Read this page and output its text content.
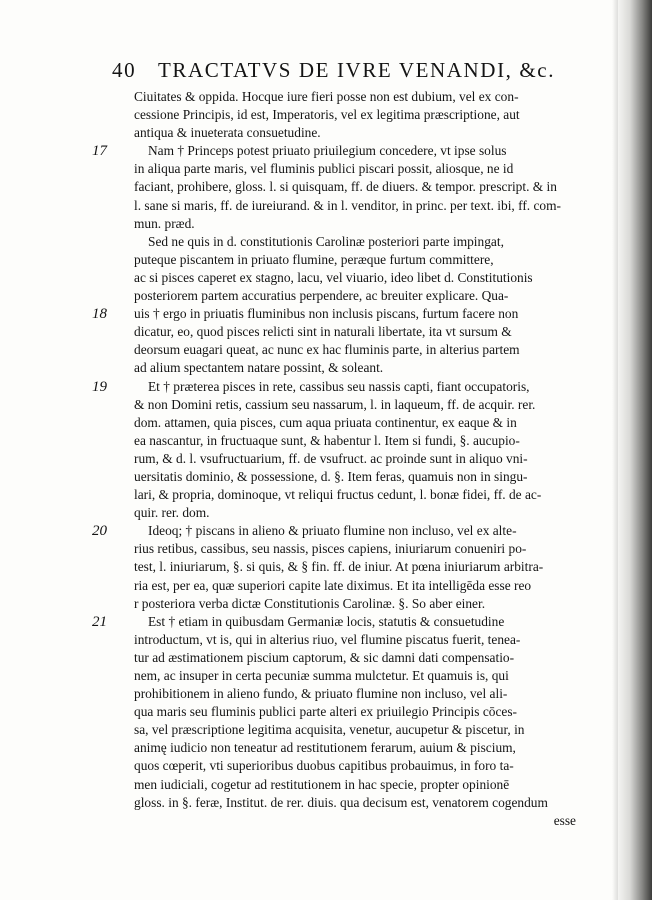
40 TRACTATVS DE IVRE VENANDI, &c.
Ciuitates & oppida. Hocque iure fieri posse non est dubium, vel ex con-
cessione Principis, id est, Imperatoris, vel ex legitima præscriptione, aut
antiqua & inueterata consuetudine.
Nam † Princeps potest priuato priuilegium concedere, vt ipse solus
in aliqua parte maris, vel fluminis publici piscari possit, aliosque, ne id
faciant, prohibere, gloss. l. si quisquam, ff. de diuers. & tempor. prescript. & in
l. sane si maris, ff. de iureiurand. & in l. venditor, in princ. per text. ibi, ff. com-
mun. præd.
Sed ne quis in d. constitutionis Carolinæ posteriori parte impingat,
puteque piscantem in priuato flumine, peræque furtum committere,
ac si pisces caperet ex stagno, lacu, vel viuario, ideo libet d. Constitutionis
posteriorem partem accuratius perpendere, ac breuiter explicare. Qua-
uis † ergo in priuatis fluminibus non inclusis piscans, furtum facere non
dicatur, eo, quod pisces relicti sint in naturali libertate, ita vt sursum &
deorsum euagari queat, ac nunc ex hac fluminis parte, in alterius partem
ad alium spectantem natare possint, & soleant.
Et † præterea pisces in rete, cassibus seu nassis capti, fiant occupatoris,
& non Domini retis, cassium seu nassarum, l. in laqueum, ff. de acquir. rer.
dom. attamen, quia pisces, cum aqua priuata continentur, ex eaque & in
ea nascantur, in fructuaque sunt, & habentur l. Item si fundi, §. aucupio-
rum, & d. l. vsufructuarium, ff. de vsufruct. ac proinde sunt in aliquo vni-
uersitatis dominio, & possessione, d. §. Item feras, quamuis non in singu-
lari, & propria, dominoque, vt reliqui fructus cedunt, l. bonæ fidei, ff. de ac-
quir. rer. dom.
Ideoq; † piscans in alieno & priuato flumine non incluso, vel ex alte-
rius retibus, cassibus, seu nassis, pisces capiens, iniuriarum conueniri po-
test, l. iniuriarum, §. si quis, & § fin. ff. de iniur. At pœna iniuriarum arbitra-
ria est, per ea, quæ superiori capite late diximus. Et ita intelligēda esse reo
r posteriora verba dictæ Constitutionis Carolinæ. §. So aber einer.
Est † etiam in quibusdam Germaniæ locis, statutis & consuetudine
introductum, vt is, qui in alterius riuo, vel flumine piscatus fuerit, tenea-
tur ad æstimationem piscium captorum, & sic damni dati compensatio-
nem, ac insuper in certa pecuniæ summa mulctetur. Et quamuis is, qui
prohibitionem in alieno fundo, & priuato flumine non incluso, vel ali-
qua maris seu fluminis publici parte alteri ex priuilegio Principis cōces-
sa, vel præscriptione legitima acquisita, venetur, aucupetur & piscetur, in
animę iudicio non teneatur ad restitutionem ferarum, auium & piscium,
quos cœperit, vti superioribus duobus capitibus probauimus, in foro ta-
men iudiciali, cogetur ad restitutionem in hac specie, propter opinionē
gloss. in §. feræ, Institut. de rer. diuis. qua decisum est, venatorem cogendum
esse
17
18
19
20
21
